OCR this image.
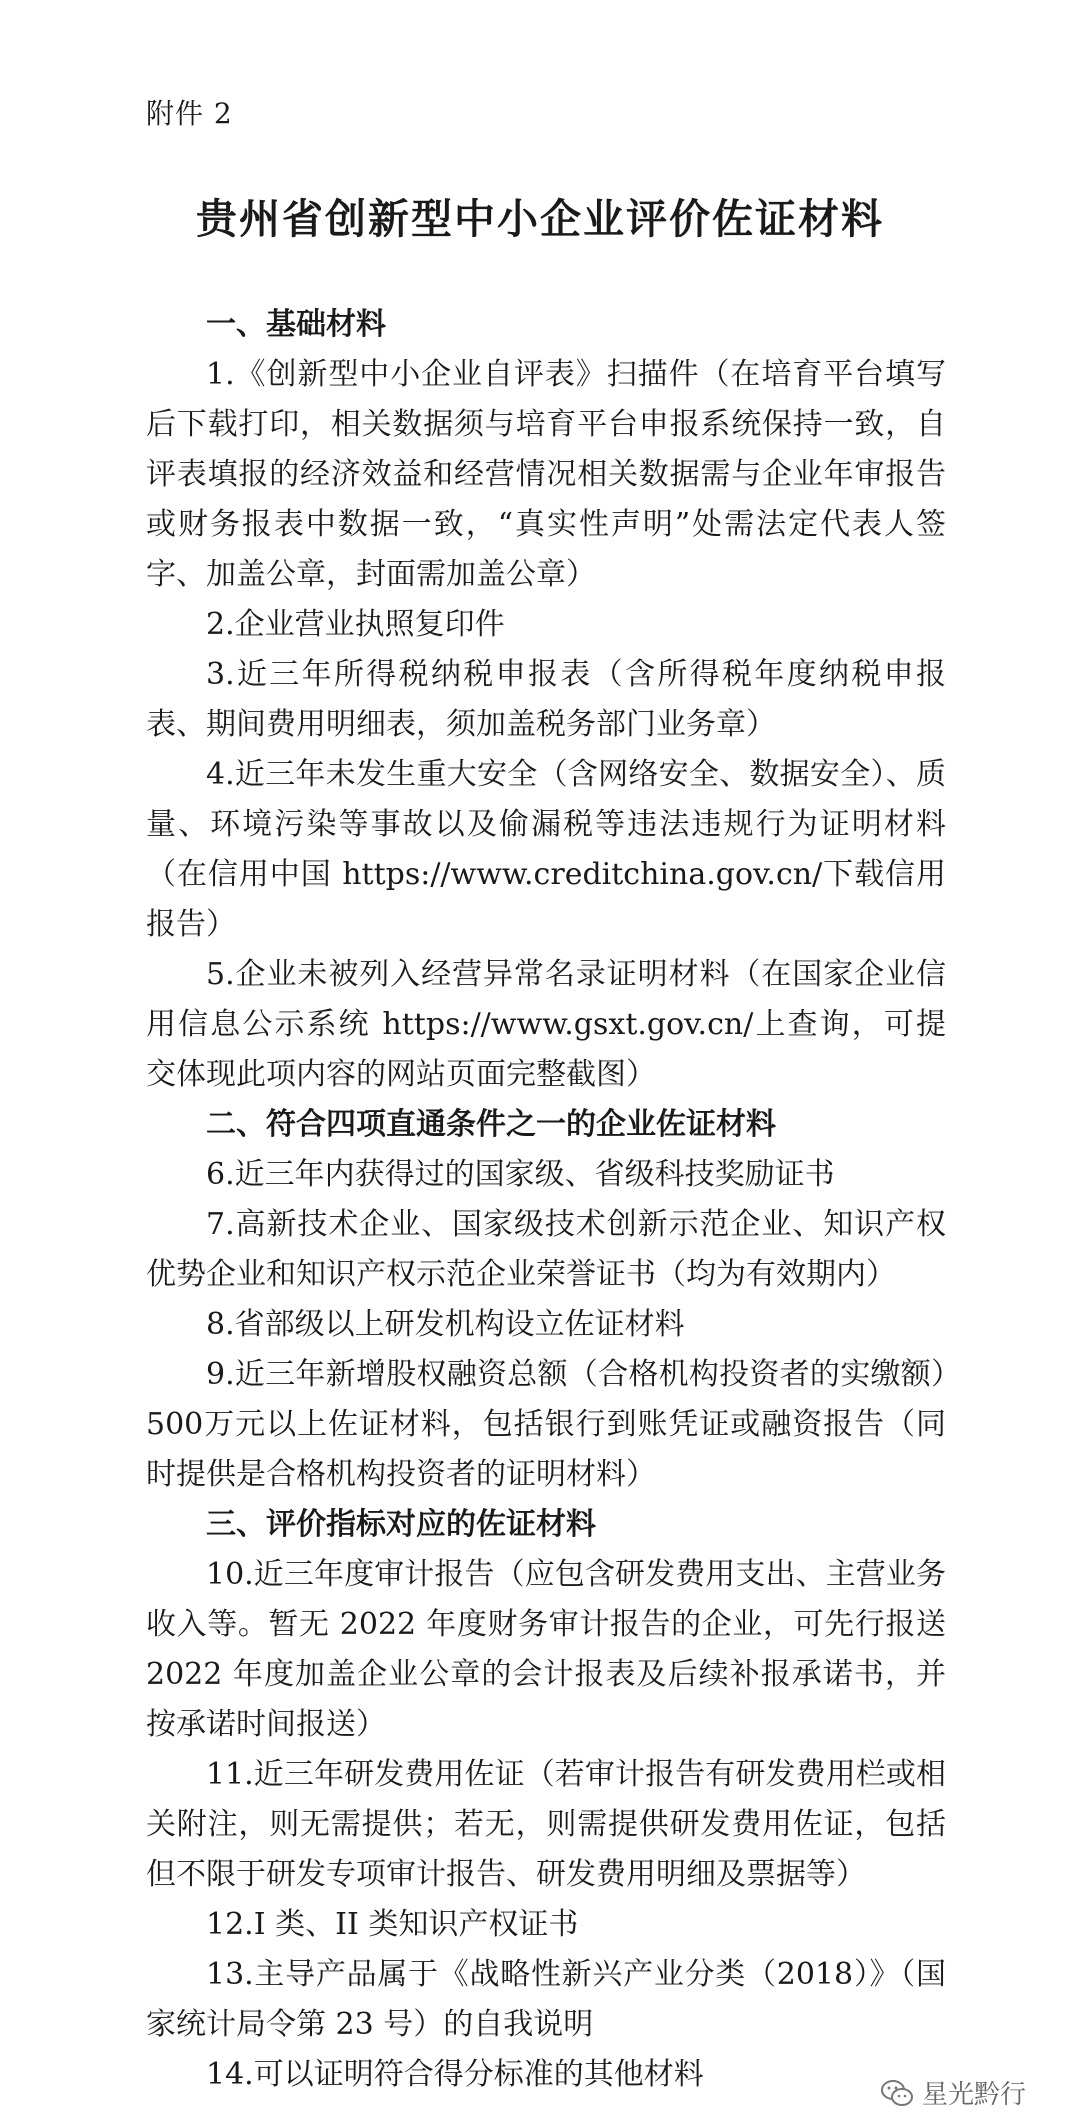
附件 2
贵州省创新型中小企业评价佐证材料

一、基础材料

1.《创新型中小企业自评表》扫描件（在培育平台填写后下载打印，相关数据须与培育平台申报系统保持一致，自评表填报的经济效益和经营情况相关数据需与企业年审报告或财务报表中数据一致，“真实性声明”处需法定代表人签字、加盖公章，封面需加盖公章）

2.企业营业执照复印件

3.近三年所得税纳税申报表（含所得税年度纳税申报表、期间费用明细表，须加盖税务部门业务章）

4.近三年未发生重大安全（含网络安全、数据安全）、质量、环境污染等事故以及偷漏税等违法违规行为证明材料（在信用中国 https://www.creditchina.gov.cn/下载信用报告）

5.企业未被列入经营异常名录证明材料（在国家企业信用信息公示系统 https://www.gsxt.gov.cn/上查询，可提交体现此项内容的网站页面完整截图）

二、符合四项直通条件之一的企业佐证材料

6.近三年内获得过的国家级、省级科技奖励证书

7.高新技术企业、国家级技术创新示范企业、知识产权优势企业和知识产权示范企业荣誉证书（均为有效期内）

8.省部级以上研发机构设立佐证材料

9.近三年新增股权融资总额（合格机构投资者的实缴额）500万元以上佐证材料，包括银行到账凭证或融资报告（同时提供是合格机构投资者的证明材料）

三、评价指标对应的佐证材料

10.近三年度审计报告（应包含研发费用支出、主营业务收入等。暂无 2022 年度财务审计报告的企业，可先行报送 2022 年度加盖企业公章的会计报表及后续补报承诺书，并按承诺时间报送）

11.近三年研发费用佐证（若审计报告有研发费用栏或相关附注，则无需提供；若无，则需提供研发费用佐证，包括但不限于研发专项审计报告、研发费用明细及票据等）

12.I 类、II 类知识产权证书

13.主导产品属于《战略性新兴产业分类（2018）》（国家统计局令第 23 号）的自我说明

14.可以证明符合得分标准的其他材料

星光黔行
